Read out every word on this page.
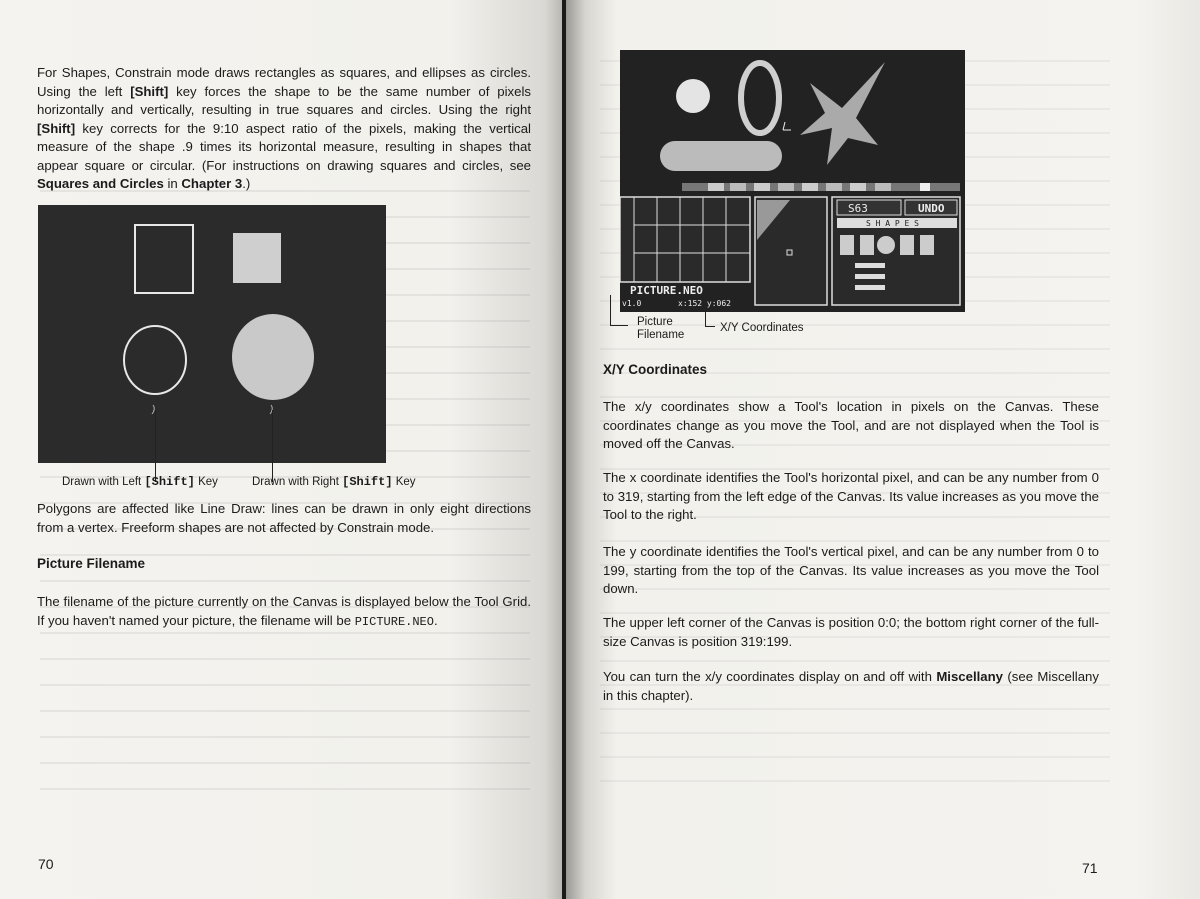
For Shapes, Constrain mode draws rectangles as squares, and ellipses as circles. Using the left [Shift] key forces the shape to be the same number of pixels horizontally and vertically, resulting in true squares and circles. Using the right [Shift] key corrects for the 9:10 aspect ratio of the pixels, making the vertical measure of the shape .9 times its horizontal measure, resulting in shapes that appear square or circular. (For instructions on drawing squares and circles, see Squares and Circles in Chapter 3.)
Drawn with Left [Shift] Key	Drawn with Right [Shift] Key
Polygons are affected like Line Draw: lines can be drawn in only eight directions from a vertex. Freeform shapes are not affected by Constrain mode.
Picture Filename
The filename of the picture currently on the Canvas is displayed below the Tool Grid. If you haven't named your picture, the filename will be PICTURE.NEO.
70
S63	UNDO
S H A P E S
PICTURE.NEO
v1.0	x:152 y:062
Picture
Filename
X/Y Coordinates
X/Y Coordinates
The x/y coordinates show a Tool's location in pixels on the Canvas. These coordinates change as you move the Tool, and are not displayed when the Tool is moved off the Canvas.
The x coordinate identifies the Tool's horizontal pixel, and can be any number from 0 to 319, starting from the left edge of the Canvas. Its value increases as you move the Tool to the right.
The y coordinate identifies the Tool's vertical pixel, and can be any number from 0 to 199, starting from the top of the Canvas. Its value increases as you move the Tool down.
The upper left corner of the Canvas is position 0:0; the bottom right corner of the full-size Canvas is position 319:199.
You can turn the x/y coordinates display on and off with Miscellany (see Miscellany in this chapter).
71
